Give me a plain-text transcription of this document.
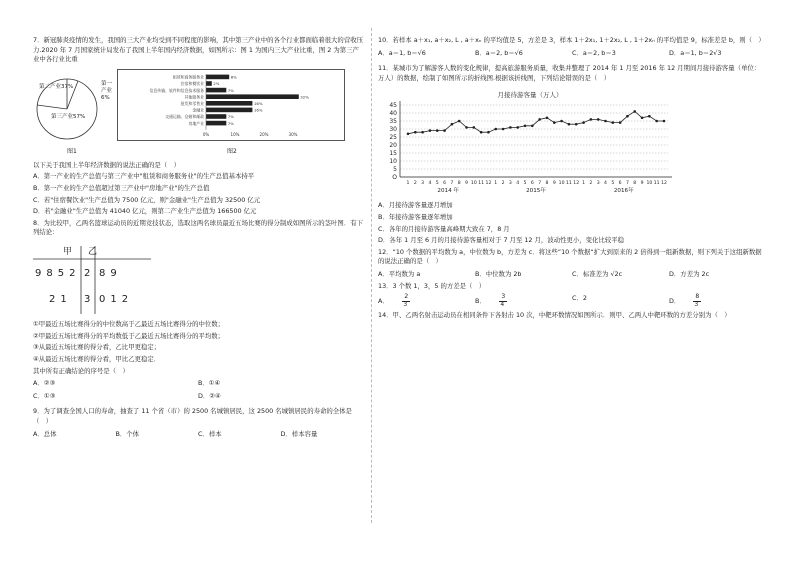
7．新冠肺炎疫情的发生，我国的三大产业均受到不同程度的影响，其中第三产业中的各个行业都面临着很大的营收压力.2020 年 7 月国家统计局发布了我国上半年国内经济数据，如图所示：图 1 为国内三大产业比重，图 2 为第三产业中各行业比重

第二产业37%	第一产业6%
第三产业57%
租赁和商务服务业	8%
住宿和餐饮业 2%
信息传输、软件和信息技术服务	7%
其他服务业	32%
批发和零售业	16%
金融业	16%
交通运输、仓储和邮政	7%
房地产业	7%
0%	10%	20%	30%
图1	图2

以下关于我国上半年经济数据的说法正确的是（　）

A．第一产业的生产总值与第三产业中"租赁和商务服务业"的生产总值基本持平

B．第一产业的生产总值超过第三产业中"房地产业"的生产总值

C．若"住宿餐饮业"生产总值为 7500 亿元，则"金融业"生产总值为 32500 亿元

D．若"金融业"生产总值为 41040 亿元，则第二产业生产总值为 166500 亿元

8．为比较甲，乙两名篮球运动员的近期竞技状态，选取这两名球员最近五场比赛的得分制成如图所示的茎叶图．有下列结论：

甲 乙
9852 2 89
21 3 012

①甲最近五场比赛得分的中位数高于乙最近五场比赛得分的中位数；

②甲最近五场比赛得分的平均数低于乙最近五场比赛得分的平均数；

③从最近五场比赛的得分看，乙比甲更稳定；

④从最近五场比赛的得分看，甲比乙更稳定．

其中所有正确结论的序号是（　）

A．②③	B．①④
C．①③	D．②④

9．为了调查全国人口的寿命，抽查了 11 个省（市）的 2500 名城镇居民，这 2500 名城镇居民的寿命的全体是（　）

A．总体	B．个体	C．样本	D．样本容量

10．若样本 a＋x₁, a＋x₂, L , a＋xₙ 的平均值是 5，方差是 3，样本 1＋2x₁, 1＋2x₂, L , 1＋2xₙ 的平均值是 9，标准差是 b，则（　）

A．a＝1, b＝√6	B．a＝2, b＝√6	C．a＝2, b＝3	D．a＝1, b＝2√3

11．某城市为了解游客人数的变化规律，提高旅游服务质量，收集并整理了 2014 年 1 月至 2016 年 12 月期间月接待游客量（单位：万人）的数据，绘制了如图所示的折线图.根据该折线图，下列结论错误的是（　）

月接待游客量（万人）
5
10
15
20
25
30
35
40
45
O
1 2 3 4 5 6 7 8 9 10 11 12 1 2 3 4 5 6 7 8 9 10 11 12 1 2 3 4 5 6 7 8 9 10 11 12
2014 年	2015年	2016年

A．月接待游客量逐月增加

B．年接待游客量逐年增加

C．各年的月接待游客量高峰期大致在 7，8 月

D．各年 1 月至 6 月的月接待游客量相对于 7 月至 12 月，波动性更小，变化比较平稳

12．“10 个数据的平均数为 a，中位数为 b，方差为 c．将这些”10 个数据“扩大到原来的 2 倍得到一组新数据，则下列关于这组新数据的说法正确的是（　）

A．平均数为 a	B．中位数为 2b	C．标准差为 √2c	D．方差为 2c

13．3 个数 1，3，5 的方差是（　）

A． $\frac{2}{3}$	B． $\frac{3}{4}$	C．2	D． $\frac{8}{3}$

14．甲、乙两名射击运动员在相同条件下各射击 10 次，中靶环数情况如图所示．则甲、乙两人中靶环数的方差分别为（　）
